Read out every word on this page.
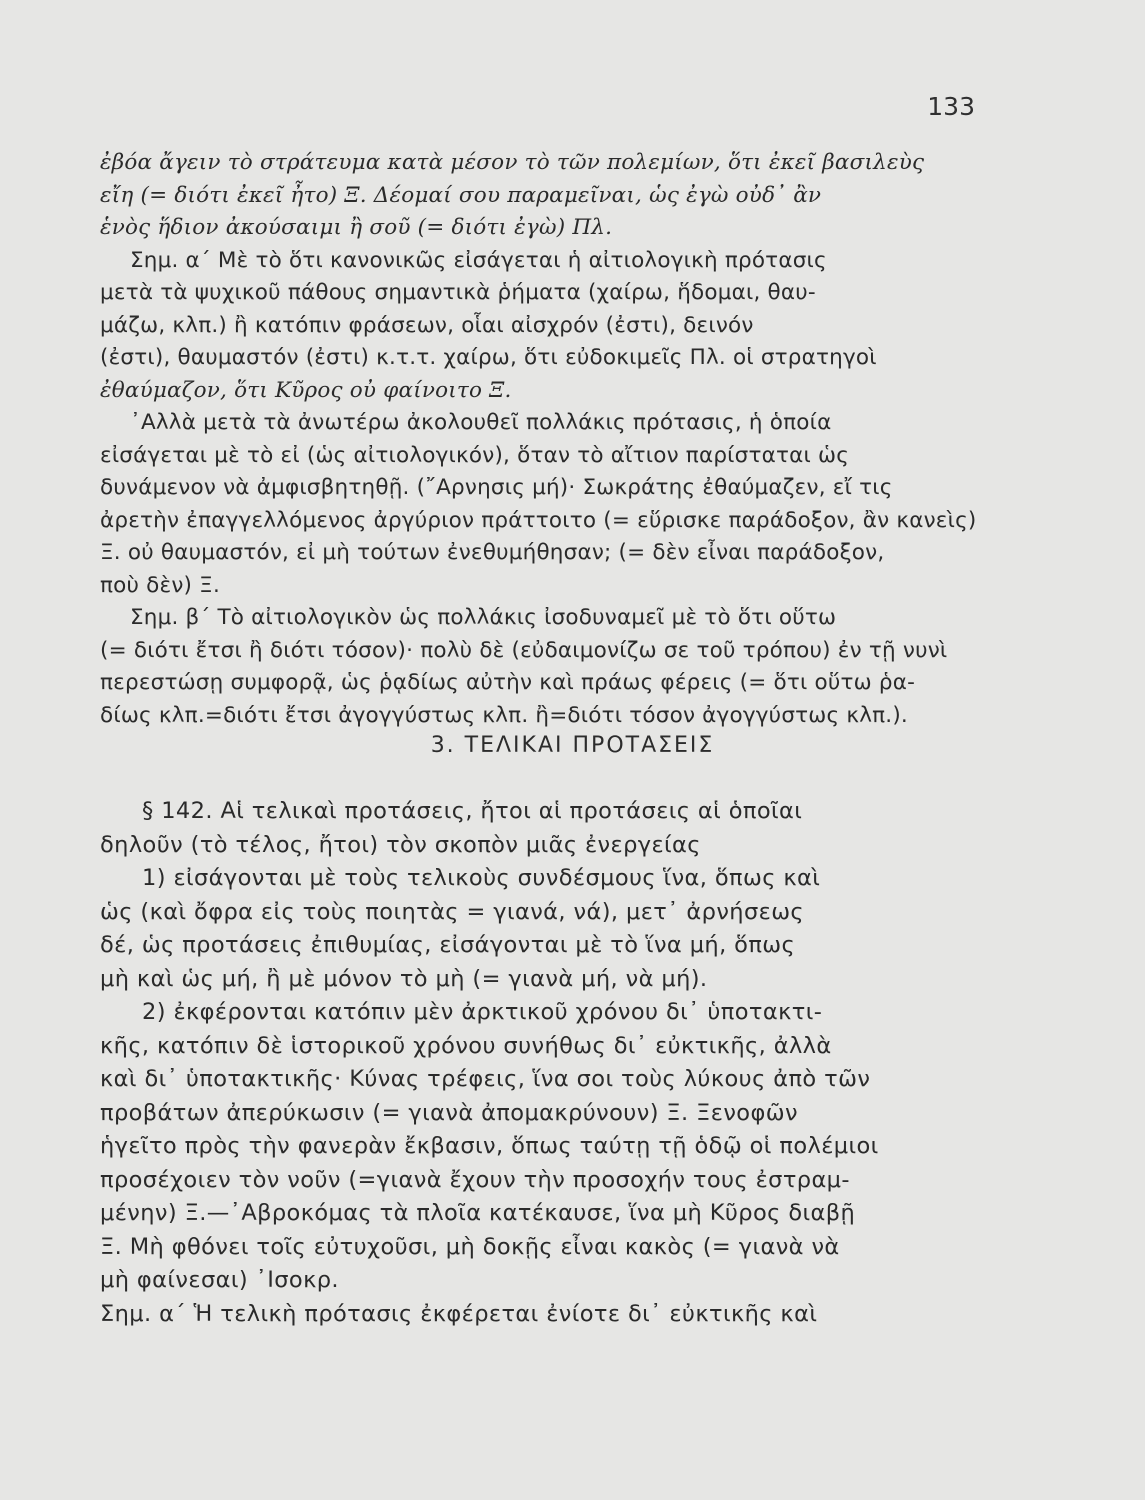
133
ἐβόα ἄγειν τὸ στράτευμα κατὰ μέσον τὸ τῶν πολεμίων, ὅτι ἐκεῖ βασιλεὺς
εἴη (= διότι ἐκεῖ ἦτο) Ξ. Δέομαί σου παραμεῖναι, ὡς ἐγὼ οὐδ᾽ ἂν
ἑνὸς ἥδιον ἀκούσαιμι ἢ σοῦ (= διότι ἐγὼ) Πλ.
Σημ. α΄ Μὲ τὸ ὅτι κανονικῶς εἰσάγεται ἡ αἰτιολογικὴ πρότασις
μετὰ τὰ ψυχικοῦ πάθους σημαντικὰ ῥήματα (χαίρω, ἥδομαι, θαυ-
μάζω, κλπ.) ἢ κατόπιν φράσεων, οἷαι αἰσχρόν (ἐστι), δεινόν
(ἐστι), θαυμαστόν (ἐστι) κ.τ.τ. χαίρω, ὅτι εὐδοκιμεῖς Πλ. οἱ στρατηγοὶ
ἐθαύμαζον, ὅτι Κῦρος οὐ φαίνοιτο Ξ.
᾿Αλλὰ μετὰ τὰ ἀνωτέρω ἀκολουθεῖ πολλάκις πρότασις, ἡ ὁποία
εἰσάγεται μὲ τὸ εἰ (ὡς αἰτιολογικόν), ὅταν τὸ αἴτιον παρίσταται ὡς
δυνάμενον νὰ ἀμφισβητηθῇ. (῎Αρνησις μή)· Σωκράτης ἐθαύμαζεν, εἴ τις
ἀρετὴν ἐπαγγελλόμενος ἀργύριον πράττοιτο (= εὕρισκε παράδοξον, ἂν κανεὶς)
Ξ. οὐ θαυμαστόν, εἰ μὴ τούτων ἐνεθυμήθησαν; (= δὲν εἶναι παράδοξον,
ποὺ δὲν) Ξ.
Σημ. β΄ Τὸ αἰτιολογικὸν ὡς πολλάκις ἰσοδυναμεῖ μὲ τὸ ὅτι οὕτω
(= διότι ἔτσι ἢ διότι τόσον)· πολὺ δὲ (εὐδαιμονίζω σε τοῦ τρόπου) ἐν τῇ νυνὶ
περεστώσῃ συμφορᾷ, ὡς ῥᾳδίως αὐτὴν καὶ πράως φέρεις (= ὅτι οὕτω ῥα-
δίως κλπ.=διότι ἔτσι ἀγογγύστως κλπ. ἢ=διότι τόσον ἀγογγύστως κλπ.).
3. ΤΕΛΙΚΑΙ ΠΡΟΤΑΣΕΙΣ
§ 142. Αἱ τελικαὶ προτάσεις, ἤτοι αἱ προτάσεις αἱ ὁποῖαι
δηλοῦν (τὸ τέλος, ἤτοι) τὸν σκοπὸν μιᾶς ἐνεργείας
1) εἰσάγονται μὲ τοὺς τελικοὺς συνδέσμους ἵνα, ὅπως καὶ
ὡς (καὶ ὄφρα εἰς τοὺς ποιητὰς = γιανά, νά), μετ᾽ ἀρνήσεως
δέ, ὡς προτάσεις ἐπιθυμίας, εἰσάγονται μὲ τὸ ἵνα μή, ὅπως
μὴ καὶ ὡς μή, ἢ μὲ μόνον τὸ μὴ (= γιανὰ μή, νὰ μή).
2) ἐκφέρονται κατόπιν μὲν ἀρκτικοῦ χρόνου δι᾽ ὑποτακτι-
κῆς, κατόπιν δὲ ἱστορικοῦ χρόνου συνήθως δι᾽ εὐκτικῆς, ἀλλὰ
καὶ δι᾽ ὑποτακτικῆς· Κύνας τρέφεις, ἵνα σοι τοὺς λύκους ἀπὸ τῶν
προβάτων ἀπερύκωσιν (= γιανὰ ἀπομακρύνουν) Ξ. Ξενοφῶν
ἡγεῖτο πρὸς τὴν φανερὰν ἔκβασιν, ὅπως ταύτῃ τῇ ὁδῷ οἱ πολέμιοι
προσέχοιεν τὸν νοῦν (=γιανὰ ἔχουν τὴν προσοχήν τους ἐστραμ-
μένην) Ξ.—᾿Αβροκόμας τὰ πλοῖα κατέκαυσε, ἵνα μὴ Κῦρος διαβῇ
Ξ. Μὴ φθόνει τοῖς εὐτυχοῦσι, μὴ δοκῇς εἶναι κακὸς (= γιανὰ νὰ
μὴ φαίνεσαι) ᾿Ισοκρ.
Σημ. α΄ Ἡ τελικὴ πρότασις ἐκφέρεται ἐνίοτε δι᾽ εὐκτικῆς καὶ
